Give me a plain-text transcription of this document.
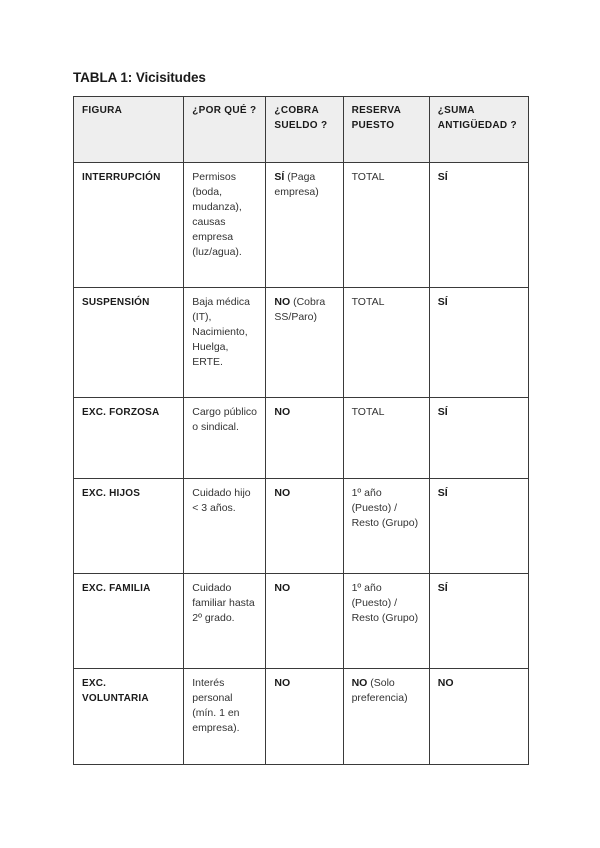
TABLA 1: Vicisitudes
FIGURA	¿POR QUÉ ?	¿COBRA SUELDO ?	RESERVA PUESTO	¿SUMA ANTIGÜEDAD ?
INTERRUPCIÓN	Permisos (boda, mudanza), causas empresa (luz/agua).	SÍ (Paga empresa)	TOTAL	SÍ
SUSPENSIÓN	Baja médica (IT), Nacimiento, Huelga, ERTE.	NO (Cobra SS/Paro)	TOTAL	SÍ
EXC. FORZOSA	Cargo público o sindical.	NO	TOTAL	SÍ
EXC. HIJOS	Cuidado hijo < 3 años.	NO	1º año (Puesto) / Resto (Grupo)	SÍ
EXC. FAMILIA	Cuidado familiar hasta 2º grado.	NO	1º año (Puesto) / Resto (Grupo)	SÍ
EXC. VOLUNTARIA	Interés personal (mín. 1 en empresa).	NO	NO (Solo preferencia)	NO
